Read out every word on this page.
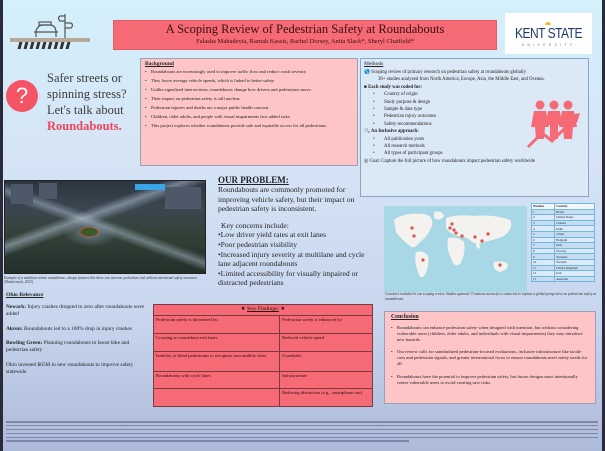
A Scoping Review of Pedestrian Safety at Roundabouts
Falasha Mahadevia, Ramah Kassis, Rachel Dorsey, Anita Slack*, Sheryl Chatfield*	KENT STATE
UNIVERSITY
?
Safer streets or spinning stress? Let's talk about Roundabouts.
Background
• Roundabouts are increasingly used to improve traffic flow and reduce crash severity.
• They lower average vehicle speeds, which is linked to better safety.
• Unlike signalized intersections, roundabouts change how drivers and pedestrians move.
• Their impact on pedestrian safety is still unclear.
• Pedestrian injuries and deaths are a major public health concern.
• Children, older adults, and people with visual impairments face added risks.
• This project explores whether roundabouts provide safe and equitable access for all pedestrians.
Methods
🌎 Scoping review of primary research on pedestrian safety at roundabouts globally
30+ studies analyzed from North America, Europe, Asia, the Middle East, and Oceana.
■ Each study was coded for:
• Country of origin
• Study purpose & design
• Sample & data type
• Pedestrian injury outcomes
• Safety recommendations
🔍 An Inclusive approach:
• All publication years
• All research methods
• All types of participant groups
◎ Goal: Capture the full picture of how roundabouts impact pedestrian safety worldwide
Example of a multilane urban roundabout—design features like these can increase pedestrian risk without intentional safety measures. (Shutterstock, 2023)
OUR PROBLEM:
Roundabouts are commonly promoted for improving vehicle safety, but their impact on pedestrian safety is inconsistent.
Key concerns include:
•Low driver yield rates at exit lanes
•Poor pedestrian visibility
•Increased injury severity at multilane and cycle lane adjacent roundabouts
•Limited accessibility for visually impaired or distracted pedestrians
Number	Country
1	Brazil
2	United States
3	Canada
4	India
5	China
6	Belgium
7	Italy
8	Norway
9	Slovenia
10	Sweden
11	United Kingdom
12	Iran
13	Australia
Countries included in our scoping review. Studies spanned 13 nations across five continents to capture a global perspective on pedestrian safety at roundabouts.
Ohio Relevance

Newark: Injury crashes dropped to zero after roundabouts were added

Akron: Roundabouts led to a 100% drop in injury crashes

Bowling Green: Planning roundabouts to boost bike and pedestrian safety

Ohio invested $65M in new roundabouts to improve safety statewide

★ Key Findings: ★	
Pedestrian safety is threatened by:	Pedestrian safety is enhanced by:
Crossing at roundabout exit lanes	Reduced vehicle speed
Inability of blind pedestrians to recognize non-audible clues	Guardrails
Roundabouts with cycle lanes	Infrastructure
	Reducing distraction (e.g., smartphone use)
Conclusion
• Roundabouts can enhance pedestrian safety when designed with intention, but without considering vulnerable users (children, older adults, and individuals with visual impairments) they may introduce new hazards.
• Our review calls for standardized pedestrian-focused evaluations, inclusive infrastructure like tactile cues and pedestrian signals, and greater international focus to ensure roundabouts meet safety needs for all.
• Roundabouts have the potential to improve pedestrian safety, but future designs must intentionally center vulnerable users to avoid creating new risks.
